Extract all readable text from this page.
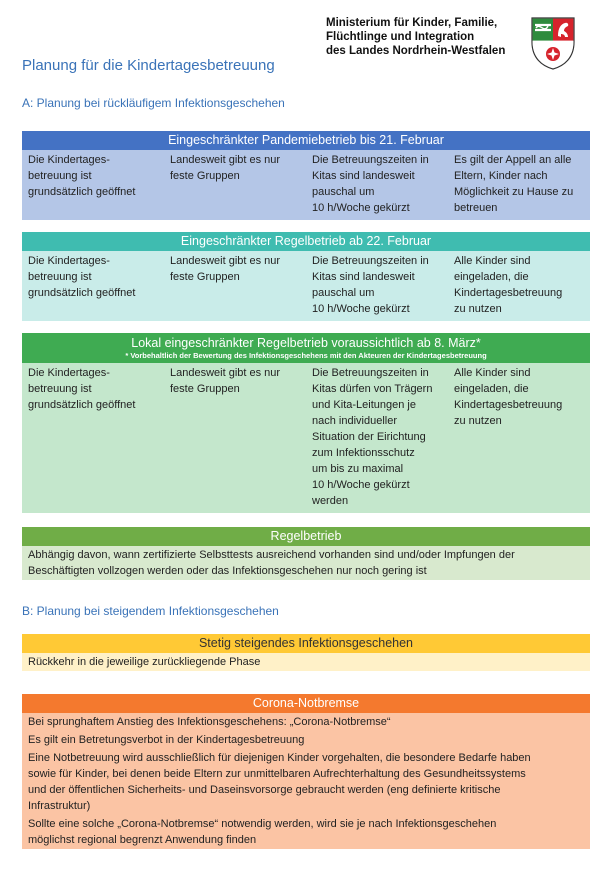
Ministerium für Kinder, Familie,
Flüchtlinge und Integration
des Landes Nordrhein-Westfalen
Planung für die Kindertagesbetreuung
A: Planung bei rückläufigem Infektionsgeschehen
Eingeschränkter Pandemiebetrieb bis 21. Februar
Die Kindertages-
betreuung ist
grundsätzlich geöffnet
Landesweit gibt es nur
feste Gruppen
Die Betreuungszeiten in
Kitas sind landesweit
pauschal um
10 h/Woche gekürzt
Es gilt der Appell an alle
Eltern, Kinder nach
Möglichkeit zu Hause zu
betreuen
Eingeschränkter Regelbetrieb ab 22. Februar
Die Kindertages-
betreuung ist
grundsätzlich geöffnet
Landesweit gibt es nur
feste Gruppen
Die Betreuungszeiten in
Kitas sind landesweit
pauschal um
10 h/Woche gekürzt
Alle Kinder sind
eingeladen, die
Kindertagesbetreuung
zu nutzen
Lokal eingeschränkter Regelbetrieb voraussichtlich ab 8. März*
* Vorbehaltlich der Bewertung des Infektionsgeschehens mit den Akteuren der Kindertagesbetreuung
Die Kindertages-
betreuung ist
grundsätzlich geöffnet
Landesweit gibt es nur
feste Gruppen
Die Betreuungszeiten in
Kitas dürfen von Trägern
und Kita-Leitungen je
nach individueller
Situation der Eirichtung
zum Infektionsschutz
um bis zu maximal
10 h/Woche gekürzt
werden
Alle Kinder sind
eingeladen, die
Kindertagesbetreuung
zu nutzen
Regelbetrieb
Abhängig davon, wann zertifizierte Selbsttests ausreichend vorhanden sind und/oder Impfungen der
Beschäftigten vollzogen werden oder das Infektionsgeschehen nur noch gering ist
B: Planung bei steigendem Infektionsgeschehen
Stetig steigendes Infektionsgeschehen
Rückkehr in die jeweilige zurückliegende Phase
Corona-Notbremse
Bei sprunghaftem Anstieg des Infektionsgeschehens: „Corona-Notbremse“
Es gilt ein Betretungsverbot in der Kindertagesbetreuung
Eine Notbetreuung wird ausschließlich für diejenigen Kinder vorgehalten, die besondere Bedarfe haben
sowie für Kinder, bei denen beide Eltern zur unmittelbaren Aufrechterhaltung des Gesundheitssystems
und der öffentlichen Sicherheits- und Daseinsvorsorge gebraucht werden (eng definierte kritische
Infrastruktur)
Sollte eine solche „Corona-Notbremse“ notwendig werden, wird sie je nach Infektionsgeschehen
möglichst regional begrenzt Anwendung finden
